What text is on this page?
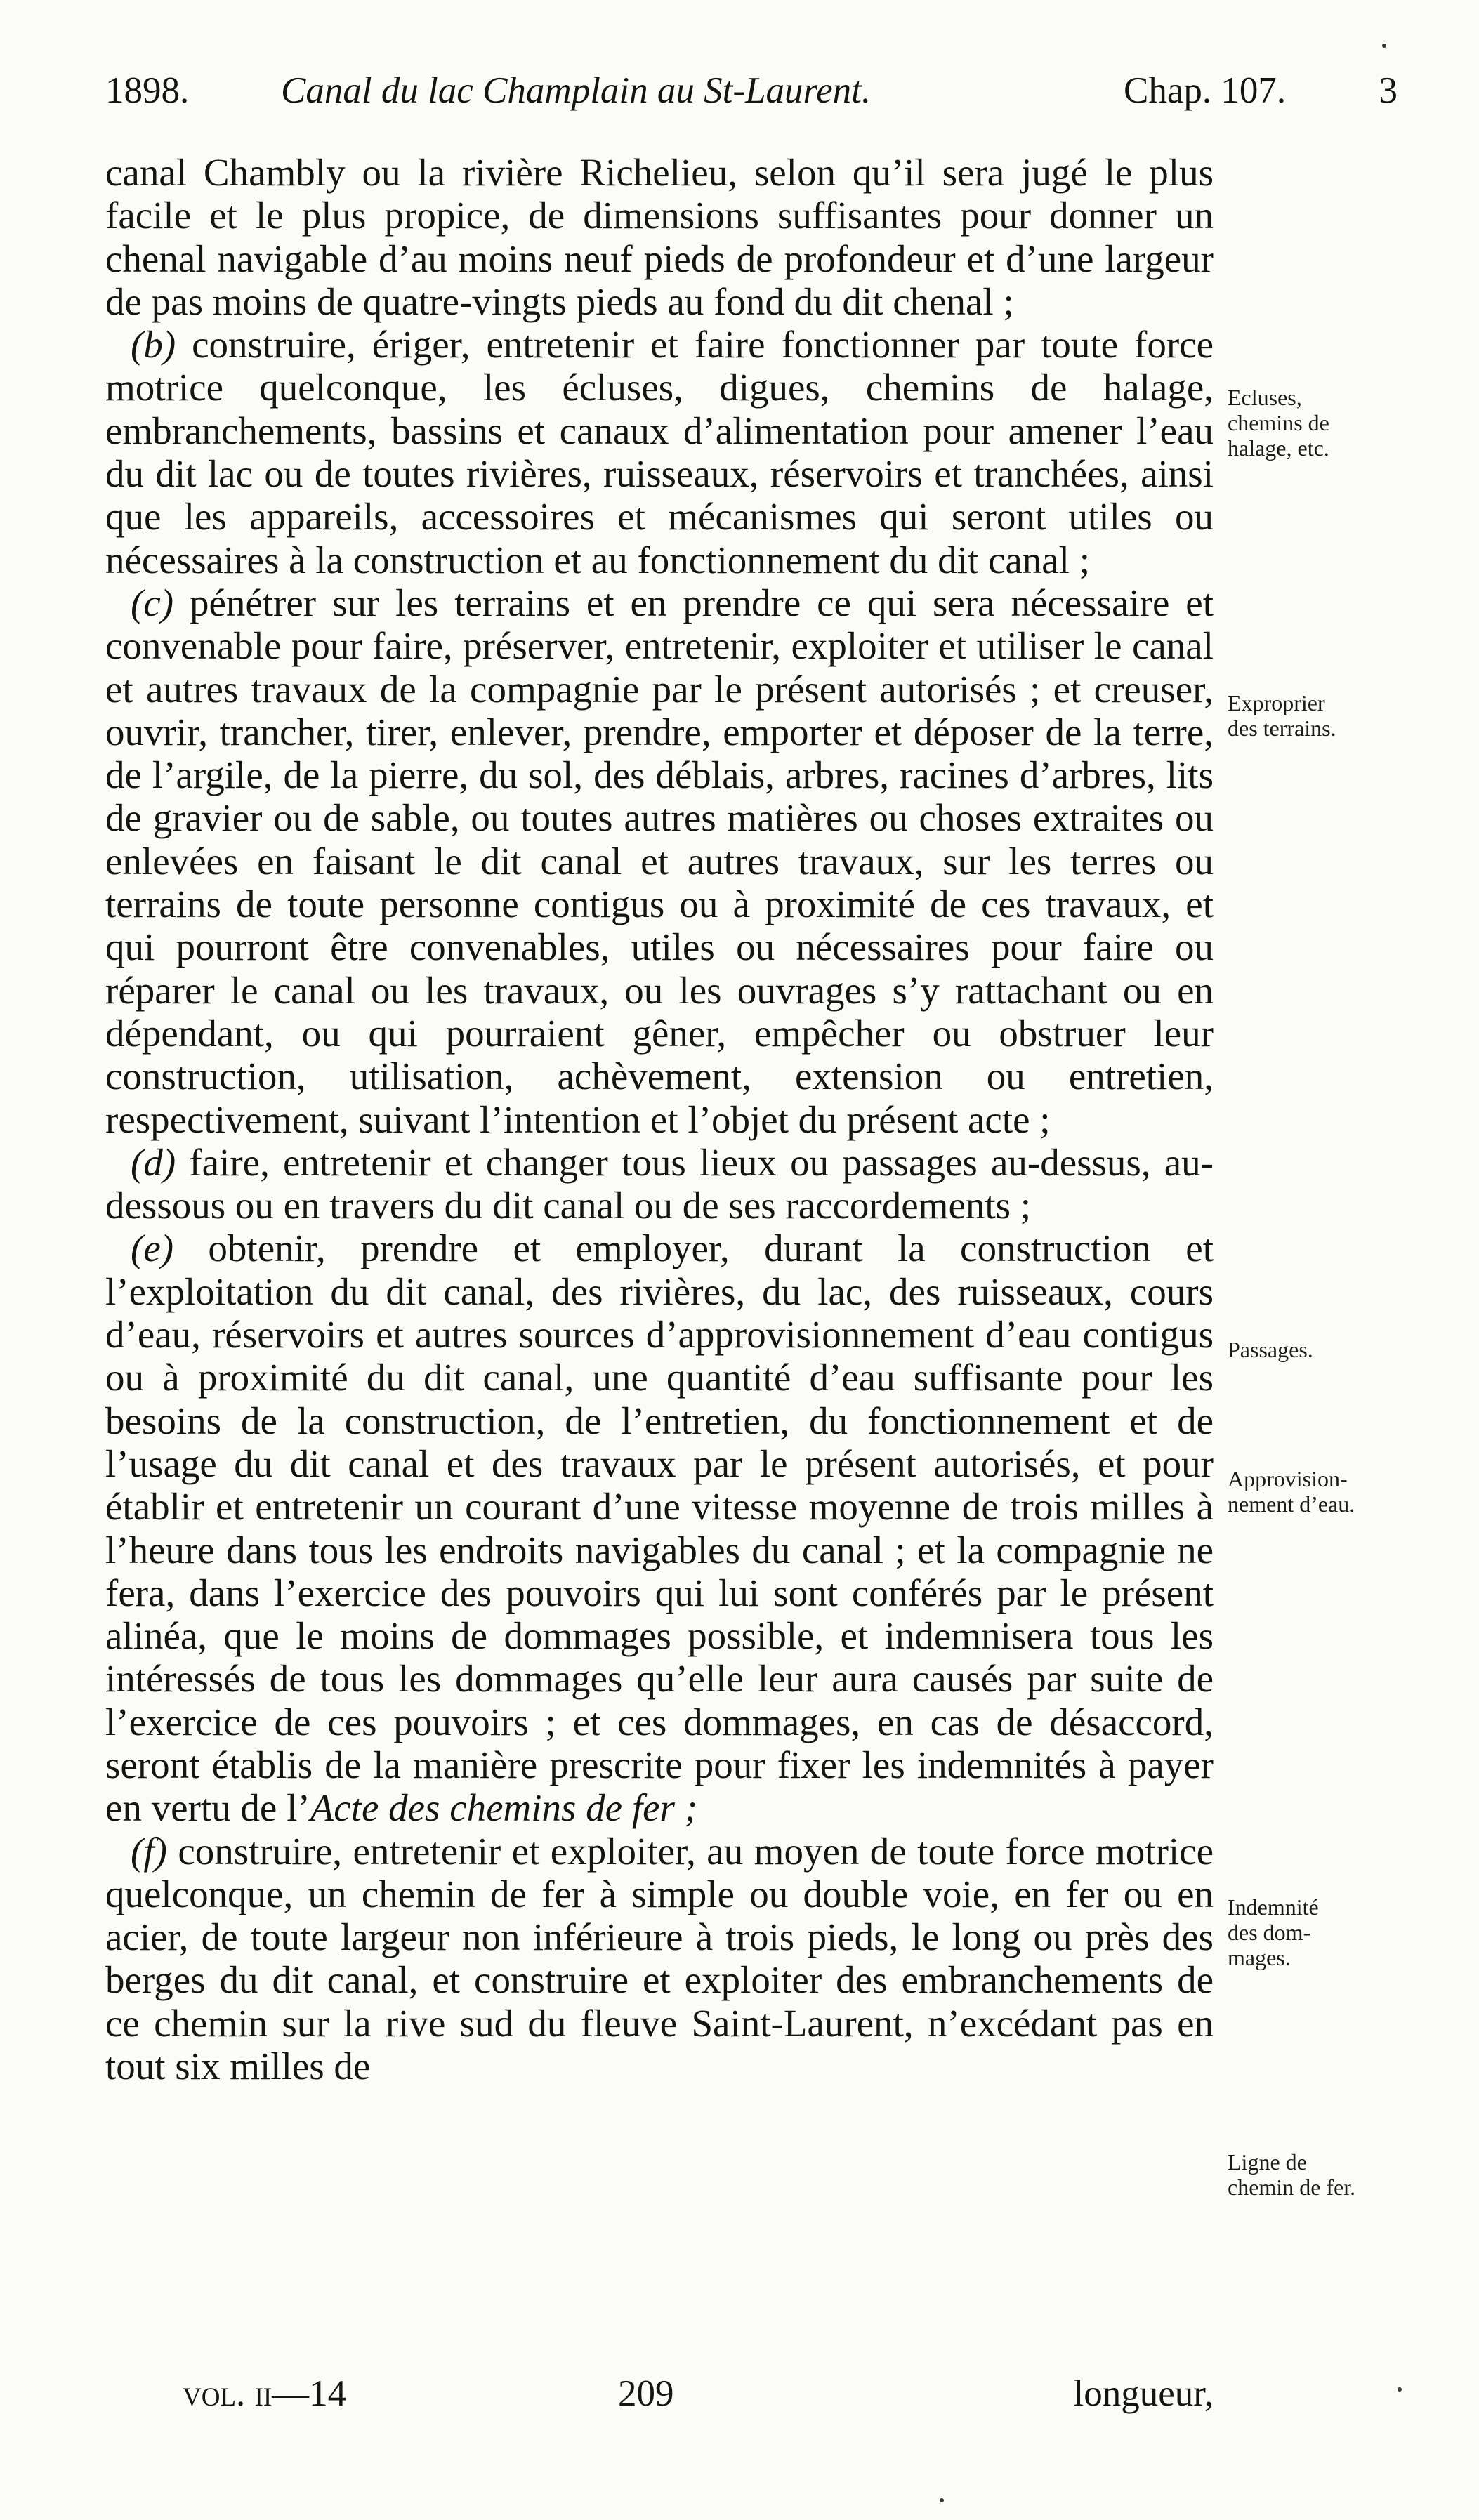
1898. Canal du lac Champlain au St-Laurent.	Chap. 107. 3

canal Chambly ou la rivière Richelieu, selon qu’il sera jugé le plus facile et le plus propice, de dimensions suffisantes pour donner un chenal navigable d’au moins neuf pieds de profondeur et d’une largeur de pas moins de quatre-vingts pieds au fond du dit chenal ;

(b) construire, ériger, entretenir et faire fonctionner par toute force motrice quelconque, les écluses, digues, chemins de halage, embranchements, bassins et canaux d’alimentation pour amener l’eau du dit lac ou de toutes rivières, ruisseaux, réservoirs et tranchées, ainsi que les appareils, accessoires et mécanismes qui seront utiles ou nécessaires à la construction et au fonctionnement du dit canal ;

(c) pénétrer sur les terrains et en prendre ce qui sera nécessaire et convenable pour faire, préserver, entretenir, exploiter et utiliser le canal et autres travaux de la compagnie par le présent autorisés ; et creuser, ouvrir, trancher, tirer, enlever, prendre, emporter et déposer de la terre, de l’argile, de la pierre, du sol, des déblais, arbres, racines d’arbres, lits de gravier ou de sable, ou toutes autres matières ou choses extraites ou enlevées en faisant le dit canal et autres travaux, sur les terres ou terrains de toute personne contigus ou à proximité de ces travaux, et qui pourront être convenables, utiles ou nécessaires pour faire ou réparer le canal ou les travaux, ou les ouvrages s’y rattachant ou en dépendant, ou qui pourraient gêner, empêcher ou obstruer leur construction, utilisation, achèvement, extension ou entretien, respectivement, suivant l’intention et l’objet du présent acte ;

(d) faire, entretenir et changer tous lieux ou passages au-dessus, au-dessous ou en travers du dit canal ou de ses raccordements ;

(e) obtenir, prendre et employer, durant la construction et l’exploitation du dit canal, des rivières, du lac, des ruisseaux, cours d’eau, réservoirs et autres sources d’approvisionnement d’eau contigus ou à proximité du dit canal, une quantité d’eau suffisante pour les besoins de la construction, de l’entretien, du fonctionnement et de l’usage du dit canal et des travaux par le présent autorisés, et pour établir et entretenir un courant d’une vitesse moyenne de trois milles à l’heure dans tous les endroits navigables du canal ; et la compagnie ne fera, dans l’exercice des pouvoirs qui lui sont conférés par le présent alinéa, que le moins de dommages possible, et indemnisera tous les intéressés de tous les dommages qu’elle leur aura causés par suite de l’exercice de ces pouvoirs ; et ces dommages, en cas de désaccord, seront établis de la manière prescrite pour fixer les indemnités à payer en vertu de l’Acte des chemins de fer ;

(f) construire, entretenir et exploiter, au moyen de toute force motrice quelconque, un chemin de fer à simple ou double voie, en fer ou en acier, de toute largeur non inférieure à trois pieds, le long ou près des berges du dit canal, et construire et exploiter des embranchements de ce chemin sur la rive sud du fleuve Saint-Laurent, n’excédant pas en tout six milles de

Ecluses,
chemins de
halage, etc.
Exproprier
des terrains.
Passages.
Approvision-
nement d’eau.
Indemnité
des dom-
mages.
Ligne de
chemin de fer.
vol. ii—14	209	longueur,
